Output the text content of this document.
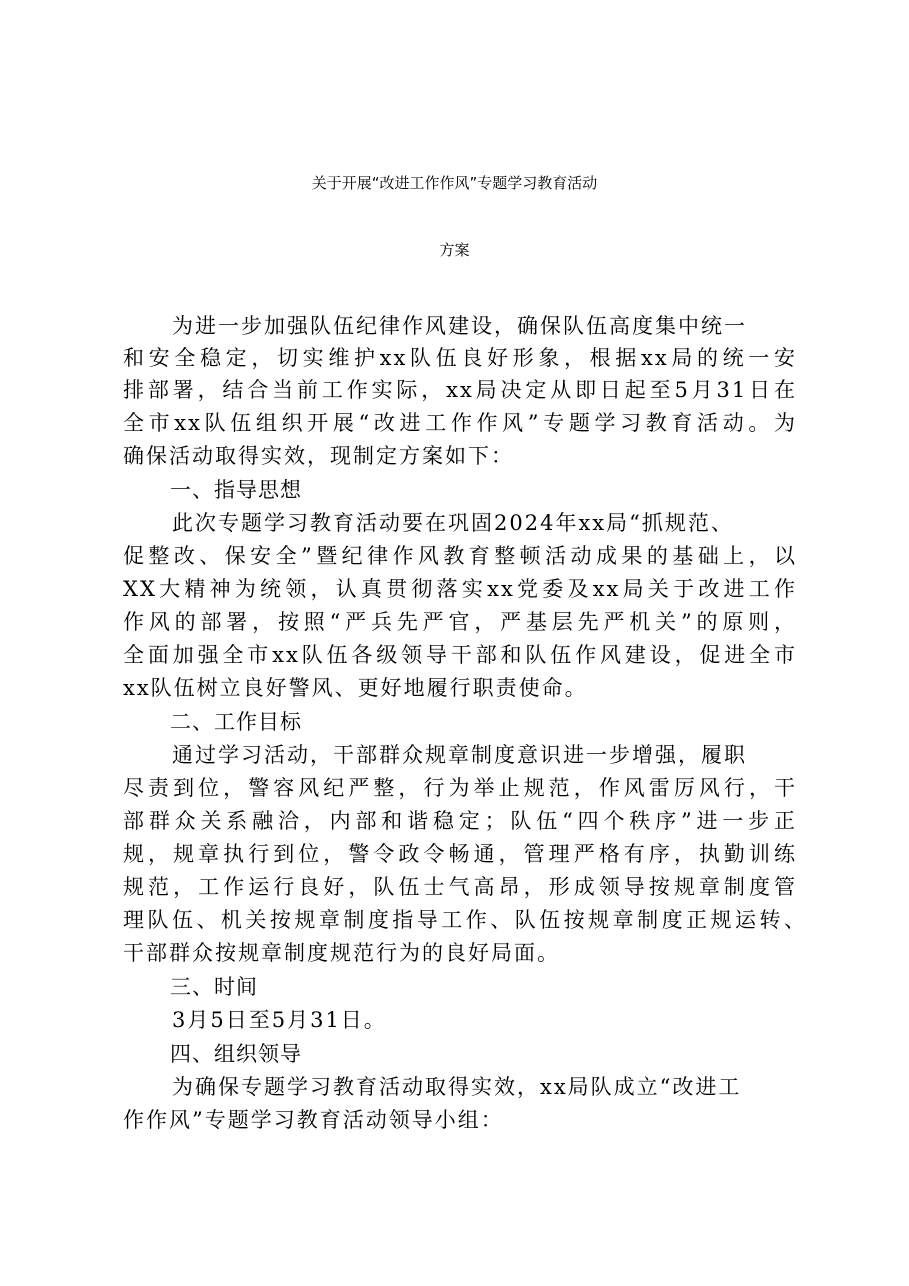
关于开展“改进工作作风”专题学习教育活动
方案
为进一步加强队伍纪律作风建设，确保队伍高度集中统一
和安全稳定，切实维护xx队伍良好形象，根据xx局的统一安
排部署，结合当前工作实际，xx局决定从即日起至5月31日在
全市xx队伍组织开展“改进工作作风”专题学习教育活动。为
确保活动取得实效，现制定方案如下：
一、指导思想
此次专题学习教育活动要在巩固2024年xx局“抓规范、
促整改、保安全”暨纪律作风教育整顿活动成果的基础上，以
XX大精神为统领，认真贯彻落实xx党委及xx局关于改进工作
作风的部署，按照“严兵先严官，严基层先严机关”的原则，
全面加强全市xx队伍各级领导干部和队伍作风建设，促进全市
xx队伍树立良好警风、更好地履行职责使命。
二、工作目标
通过学习活动，干部群众规章制度意识进一步增强，履职
尽责到位，警容风纪严整，行为举止规范，作风雷厉风行，干
部群众关系融洽，内部和谐稳定；队伍“四个秩序”进一步正
规，规章执行到位，警令政令畅通，管理严格有序，执勤训练
规范，工作运行良好，队伍士气高昂，形成领导按规章制度管
理队伍、机关按规章制度指导工作、队伍按规章制度正规运转、
干部群众按规章制度规范行为的良好局面。
三、时间
3月5日至5月31日。
四、组织领导
为确保专题学习教育活动取得实效，xx局队成立“改进工
作作风”专题学习教育活动领导小组：
